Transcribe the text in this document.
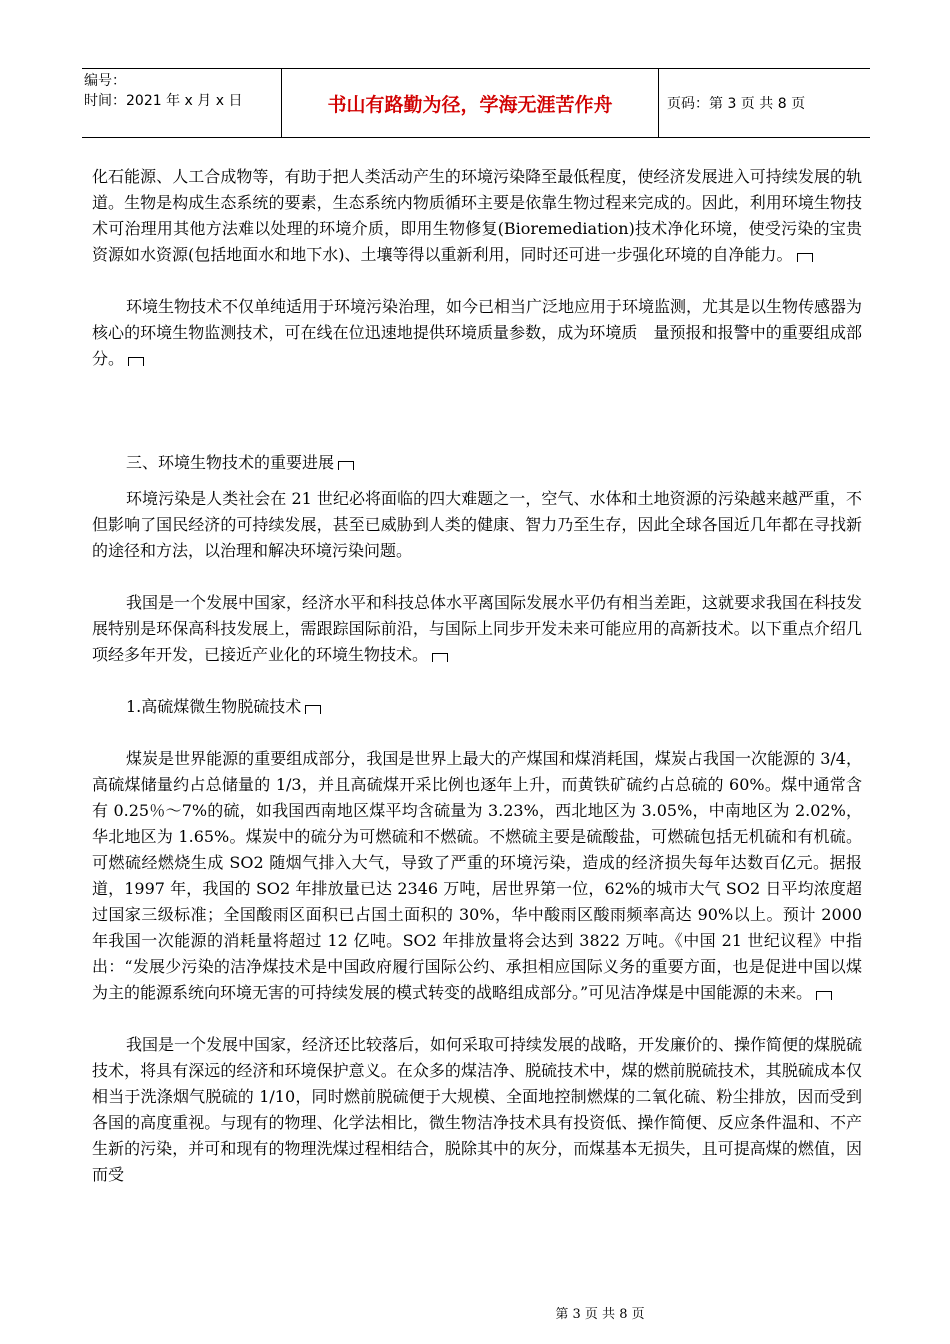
编号：
时间：2021 年 x 月 x 日	书山有路勤为径，学海无涯苦作舟	页码：第 3 页 共 8 页

化石能源、人工合成物等，有助于把人类活动产生的环境污染降至最低程度，使经济发展进入可持续发展的轨道。生物是构成生态系统的要素，生态系统内物质循环主要是依靠生物过程来完成的。因此，利用环境生物技术可治理用其他方法难以处理的环境介质，即用生物修复(Bioremediation)技术净化环境，使受污染的宝贵资源如水资源(包括地面水和地下水)、土壤等得以重新利用，同时还可进一步强化环境的自净能力。

环境生物技术不仅单纯适用于环境污染治理，如今已相当广泛地应用于环境监测，尤其是以生物传感器为核心的环境生物监测技术，可在线在位迅速地提供环境质量参数，成为环境质　量预报和报警中的重要组成部分。

三、环境生物技术的重要进展

环境污染是人类社会在 21 世纪必将面临的四大难题之一，空气、水体和土地资源的污染越来越严重，不但影响了国民经济的可持续发展，甚至已威胁到人类的健康、智力乃至生存，因此全球各国近几年都在寻找新的途径和方法，以治理和解决环境污染问题。

我国是一个发展中国家，经济水平和科技总体水平离国际发展水平仍有相当差距，这就要求我国在科技发展特别是环保高科技发展上，需跟踪国际前沿，与国际上同步开发未来可能应用的高新技术。以下重点介绍几项经多年开发，已接近产业化的环境生物技术。

1.高硫煤微生物脱硫技术

煤炭是世界能源的重要组成部分，我国是世界上最大的产煤国和煤消耗国，煤炭占我国一次能源的 3/4，高硫煤储量约占总储量的 1/3，并且高硫煤开采比例也逐年上升，而黄铁矿硫约占总硫的 60%。煤中通常含有 0.25％～7%的硫，如我国西南地区煤平均含硫量为 3.23%，西北地区为 3.05%，中南地区为 2.02%，华北地区为 1.65%。煤炭中的硫分为可燃硫和不燃硫。不燃硫主要是硫酸盐，可燃硫包括无机硫和有机硫。可燃硫经燃烧生成 SO2 随烟气排入大气，导致了严重的环境污染，造成的经济损失每年达数百亿元。据报道，1997 年，我国的 SO2 年排放量已达 2346 万吨，居世界第一位，62%的城市大气 SO2 日平均浓度超过国家三级标准；全国酸雨区面积已占国土面积的 30%，华中酸雨区酸雨频率高达 90%以上。预计 2000 年我国一次能源的消耗量将超过 12 亿吨。SO2 年排放量将会达到 3822 万吨。《中国 21 世纪议程》中指出：“发展少污染的洁净煤技术是中国政府履行国际公约、承担相应国际义务的重要方面，也是促进中国以煤为主的能源系统向环境无害的可持续发展的模式转变的战略组成部分。”可见洁净煤是中国能源的未来。

我国是一个发展中国家，经济还比较落后，如何采取可持续发展的战略，开发廉价的、操作简便的煤脱硫技术，将具有深远的经济和环境保护意义。在众多的煤洁净、脱硫技术中，煤的燃前脱硫技术，其脱硫成本仅相当于洗涤烟气脱硫的 1/10，同时燃前脱硫便于大规模、全面地控制燃煤的二氧化硫、粉尘排放，因而受到各国的高度重视。与现有的物理、化学法相比，微生物洁净技术具有投资低、操作简便、反应条件温和、不产生新的污染，并可和现有的物理洗煤过程相结合，脱除其中的灰分，而煤基本无损失，且可提高煤的燃值，因而受

第 3 页 共 8 页
